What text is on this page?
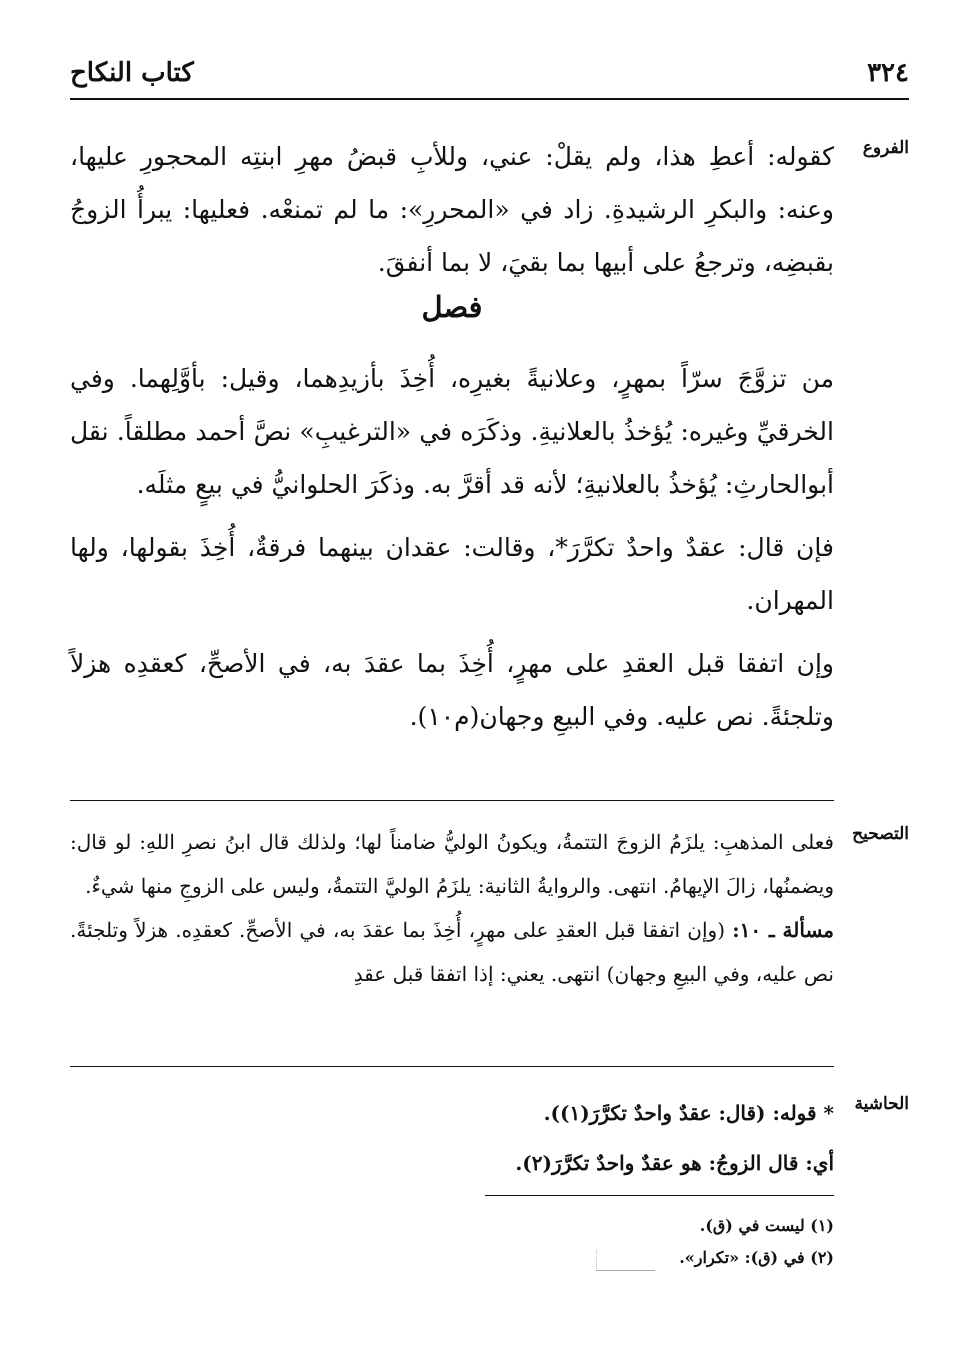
٣٢٤
كتاب النكاح
الفروع

كقوله: أعطِ هذا، ولم يقلْ: عني، وللأبِ قبضُ مهرِ ابنتِه المحجورِ عليها، وعنه: والبكرِ الرشيدةِ. زاد في «المحررِ»: ما لم تمنعْه. فعليها: يبرأُ الزوجُ بقبضِه، وترجعُ على أبيها بما بقيَ، لا بما أنفقَ.

فصل

من تزوَّجَ سرّاً بمهرٍ، وعلانيةً بغيرِه، أُخِذَ بأزيدِهما، وقيل: بأوَّلِهما. وفي الخرقيِّ وغيره: يُؤخذُ بالعلانيةِ. وذكَرَه في «الترغيبِ» نصَّ أحمد مطلقاً. نقل أبوالحارثِ: يُؤخذُ بالعلانيةِ؛ لأنه قد أقرَّ به. وذكَرَ الحلوانيُّ في بيعٍ مثلَه.

فإن قال: عقدٌ واحدٌ تكرَّرَ*، وقالت: عقدان بينهما فرقةٌ، أُخِذَ بقولها، ولها المهران.

وإن اتفقا قبل العقدِ على مهرٍ، أُخِذَ بما عقدَ به، في الأصحِّ، كعقدِه هزلاً وتلجئةً. نص عليه. وفي البيعِ وجهان(م١٠).

التصحيح

فعلى المذهبِ: يلزَمُ الزوجَ التتمةُ، ويكونُ الوليُّ ضامناً لها؛ ولذلك قال ابنُ نصرِ اللهِ: لو قال: ويضمنُها، زالَ الإيهامُ. انتهى. والروايةُ الثانية: يلزَمُ الوليَّ التتمةُ، وليس على الزوجِ منها شيءٌ.

مسألة ـ ١٠: (وإن اتفقا قبل العقدِ على مهرٍ، أُخِذَ بما عقدَ به، في الأصحِّ. كعقدِه. هزلاً وتلجئةً. نص عليه، وفي البيعِ وجهان) انتهى. يعني: إذا اتفقا قبل عقدِ

الحاشية

* قوله: (قال: عقدٌ واحدٌ تكرَّرَ(١)).

أي: قال الزوجُ: هو عقدٌ واحدٌ تكرَّرَ(٢).

(١) ليست في (ق).

(٢) في (ق): «تكرار».
